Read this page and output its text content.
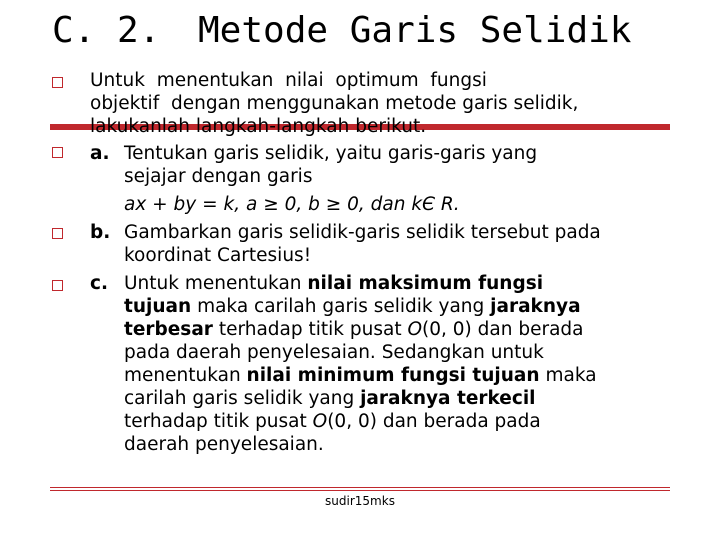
C. 2. Metode Garis Selidik
Untuk  menentukan  nilai  optimum  fungsi
objektif  dengan menggunakan metode garis selidik,
lakukanlah langkah-langkah berikut.
a. Tentukan garis selidik, yaitu garis-garis yang
sejajar dengan garis
ax + by = k, a ≥ 0, b ≥ 0, dan kЄ R.
b. Gambarkan garis selidik-garis selidik tersebut pada
koordinat Cartesius!
c. Untuk menentukan nilai maksimum fungsi
tujuan maka carilah garis selidik yang jaraknya
terbesar terhadap titik pusat O(0, 0) dan berada
pada daerah penyelesaian. Sedangkan untuk
menentukan nilai minimum fungsi tujuan maka
carilah garis selidik yang jaraknya terkecil
terhadap titik pusat O(0, 0) dan berada pada
daerah penyelesaian.
sudir15mks
